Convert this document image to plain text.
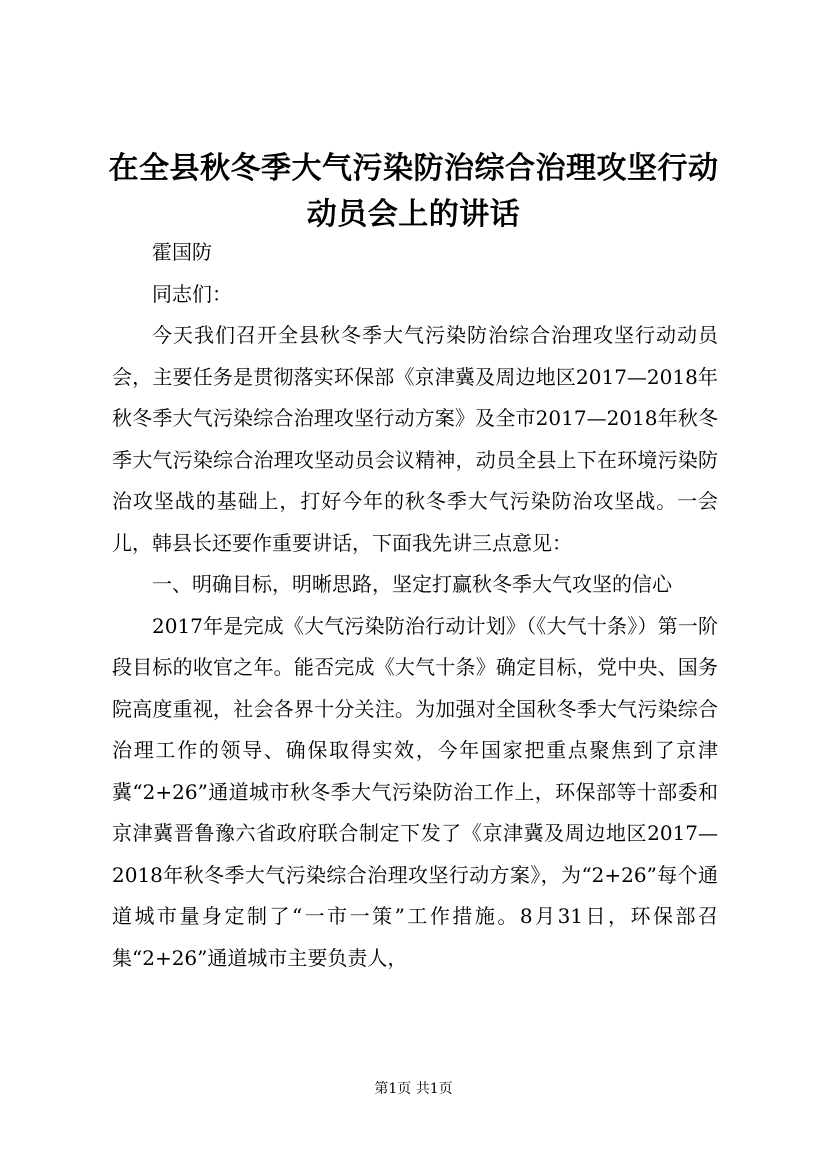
在全县秋冬季大气污染防治综合治理攻坚行动
动员会上的讲话

霍国防

同志们：

今天我们召开全县秋冬季大气污染防治综合治理攻坚行动动员会，主要任务是贯彻落实环保部《京津冀及周边地区2017—2018年秋冬季大气污染综合治理攻坚行动方案》及全市2017—2018年秋冬季大气污染综合治理攻坚动员会议精神，动员全县上下在环境污染防治攻坚战的基础上，打好今年的秋冬季大气污染防治攻坚战。一会儿，韩县长还要作重要讲话，下面我先讲三点意见：

一、明确目标，明晰思路，坚定打赢秋冬季大气攻坚的信心

2017年是完成《大气污染防治行动计划》（《大气十条》）第一阶段目标的收官之年。能否完成《大气十条》确定目标，党中央、国务院高度重视，社会各界十分关注。为加强对全国秋冬季大气污染综合治理工作的领导、确保取得实效，今年国家把重点聚焦到了京津冀“2+26”通道城市秋冬季大气污染防治工作上，环保部等十部委和京津冀晋鲁豫六省政府联合制定下发了《京津冀及周边地区2017—2018年秋冬季大气污染综合治理攻坚行动方案》，为“2+26”每个通道城市量身定制了“一市一策”工作措施。8月31日，环保部召集“2+26”通道城市主要负责人，

第1页 共1页
